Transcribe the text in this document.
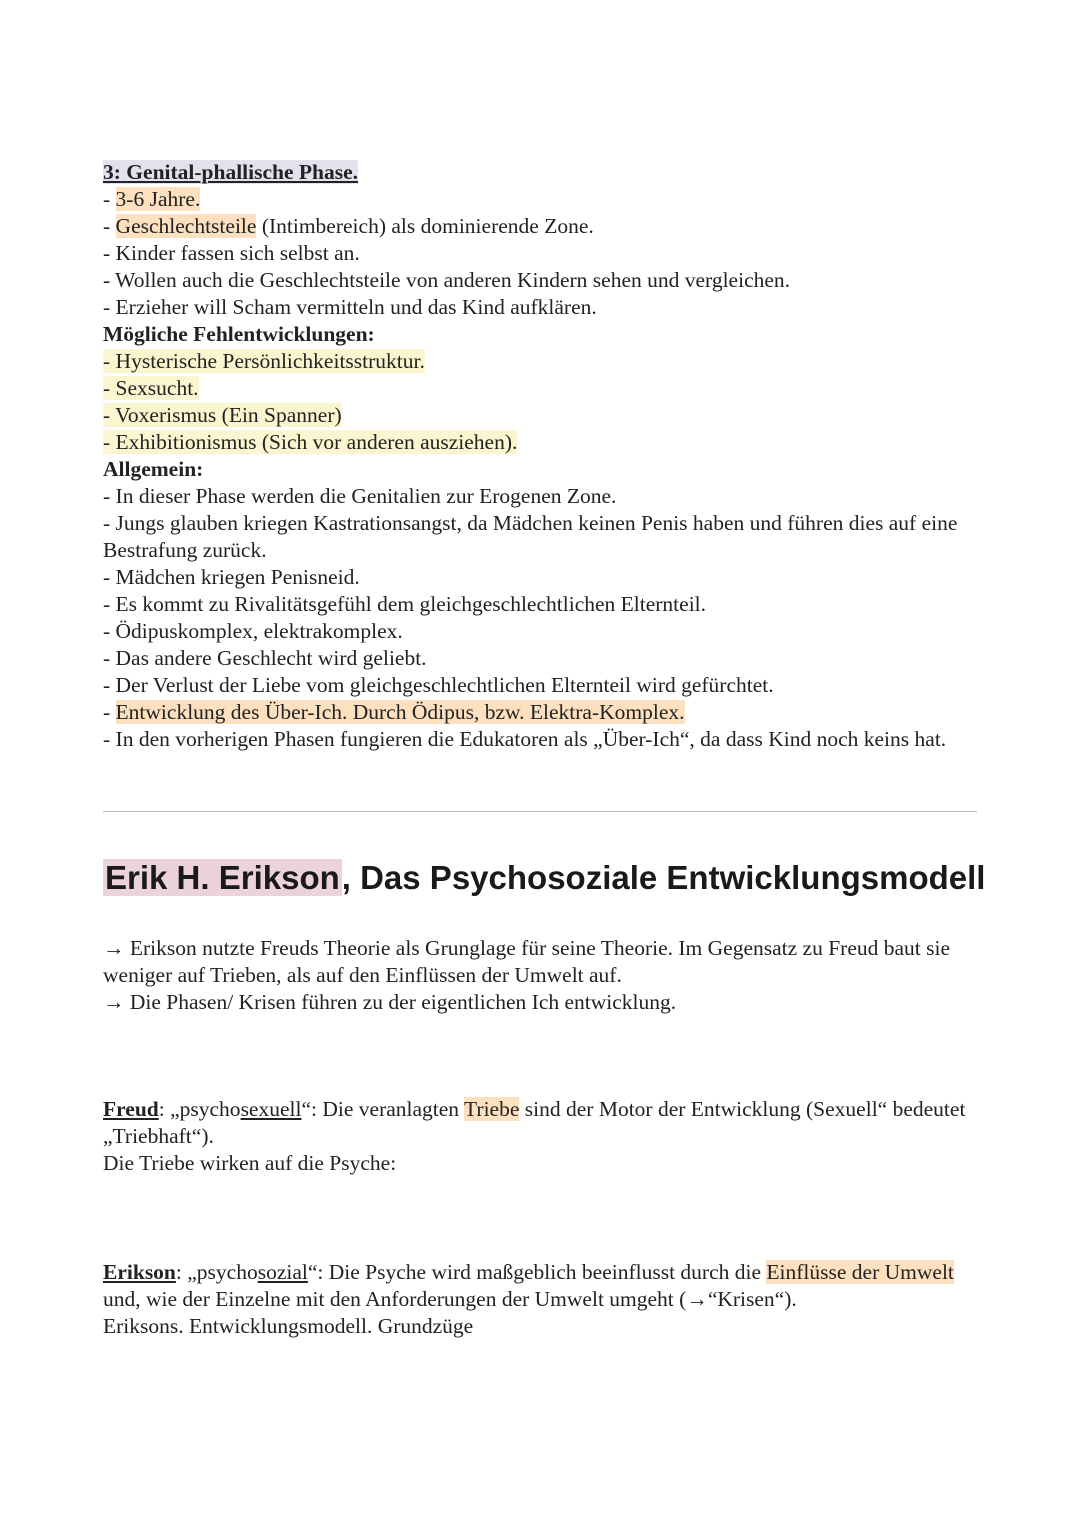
3: Genital-phallische Phase.
- 3-6 Jahre.
- Geschlechtsteile (Intimbereich) als dominierende Zone.
- Kinder fassen sich selbst an.
- Wollen auch die Geschlechtsteile von anderen Kindern sehen und vergleichen.
- Erzieher will Scham vermitteln und das Kind aufklären.
Mögliche Fehlentwicklungen:
- Hysterische Persönlichkeitsstruktur.
- Sexsucht.
- Voxerismus (Ein Spanner)
- Exhibitionismus (Sich vor anderen ausziehen).
Allgemein:
- In dieser Phase werden die Genitalien zur Erogenen Zone.
- Jungs glauben kriegen Kastrationsangst, da Mädchen keinen Penis haben und führen dies auf eine Bestrafung zurück.
- Mädchen kriegen Penisneid.
- Es kommt zu Rivalitätsgefühl dem gleichgeschlechtlichen Elternteil.
- Ödipuskomplex, elektrakomplex.
- Das andere Geschlecht wird geliebt.
- Der Verlust der Liebe vom gleichgeschlechtlichen Elternteil wird gefürchtet.
- Entwicklung des Über-Ich. Durch Ödipus, bzw. Elektra-Komplex.
- In den vorherigen Phasen fungieren die Edukatoren als „Über-Ich“, da dass Kind noch keins hat.
Erik H. Erikson, Das Psychosoziale Entwicklungsmodell
→ Erikson nutzte Freuds Theorie als Grunglage für seine Theorie. Im Gegensatz zu Freud baut sie weniger auf Trieben, als auf den Einflüssen der Umwelt auf.
→ Die Phasen/ Krisen führen zu der eigentlichen Ich entwicklung.
Freud: „psychosexuell“: Die veranlagten Triebe sind der Motor der Entwicklung (Sexuell“ bedeutet „Triebhaft“).
Die Triebe wirken auf die Psyche:
Erikson: „psychosozial“: Die Psyche wird maßgeblich beeinflusst durch die Einflüsse der Umwelt und, wie der Einzelne mit den Anforderungen der Umwelt umgeht (→“Krisen“).
Eriksons. Entwicklungsmodell. Grundzüge
